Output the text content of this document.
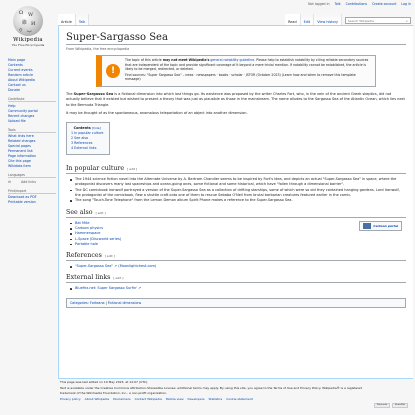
Not logged in Talk Contributions Create account Log in
Ω W
維 И
ウ ب
Wikipedia
The Free Encyclopedia
Main page
Contents
Current events
Random article
About Wikipedia
Contact us
Donate
Contribute
Help
Community portal
Recent changes
Upload file
Tools
What links here
Related changes
Special pages
Permanent link
Page information
Cite this page
Wikidata item
Languages
⚙	Add links
Print/export
Download as PDF
Printable version
Article	Talk	Read	Edit	View history	Search Wikipedia	⌕
Super-Sargasso Sea
From Wikipedia, the free encyclopedia
!

The topic of this article may not meet Wikipedia's general notability guideline. Please help to establish notability by citing reliable secondary sources that are independent of the topic and provide significant coverage of it beyond a mere trivial mention. If notability cannot be established, the article is likely to be merged, redirected, or deleted.

Find sources: "Super Sargasso Sea" – news · newspapers · books · scholar · JSTOR (October 2023) (Learn how and when to remove this template message)

The Super-Sargasso Sea is a fictional dimension into which lost things go. Its existence was proposed by the writer Charles Fort, who, in the vein of the ancient Greek skeptics, did not actually believe that it existed but wished to present a theory that was just as plausible as those in the mainstream. The name alludes to the Sargasso Sea of the Atlantic Ocean, which lies next to the Bermuda Triangle.

It may be thought of as the spontaneous, anomalous teleportation of an object into another dimension.

Contents [hide]
1 In popular culture
2 See also
3 References
4 External links
In popular culture [ edit ]
The 1944 science fiction novel Into the Alternate Universe by A. Bertram Chandler seems to be inspired by Fort's idea, and depicts an actual "Super-Sargasso Sea" in space, where the protagonist discovers many lost spaceships and ocean-going ones, some fictional and some historical, which have "fallen through a dimensional barrier".
The DC comicbook Ironwolf portrayed a version of the Super-Sargasso Sea as a collection of drifting starships, some of which were so old they contained hanging gardens. Lord Ironwolf, the protagonist of the comicbook, flew a shuttle craft onto one of them to rescue Sebaba O'Neil from brutal barbarian creatures featured earlier in the comic.
The song "Touch-Tone Telephone" from the Lemon Demon album Spirit Phone makes a reference to the Super-Sargasso Sea.
See also [ edit ]
Cartoon portal
Bat Mite
Cartoon physics
Hammerspace
L-Space (Discworld series)
Portable hole
References [ edit ]
"Super-Sargasso Sea" ↗ (Moonlightchest.com)
External links [ edit ]
Bluefirz.net: Super Sargasso Surfin' ↗
Categories: Forteana | Fictional dimensions
This page was last edited on 19 May 2023, at 12:07 (UTC).
Text is available under the Creative Commons Attribution-ShareAlike License; additional terms may apply. By using this site, you agree to the Terms of Use and Privacy Policy. Wikipedia® is a registered trademark of the Wikimedia Foundation, Inc., a non-profit organization.
Privacy policy About Wikipedia Disclaimers Contact Wikipedia Mobile view Developers Statistics Cookie statement
Wikimedia	MediaWiki
